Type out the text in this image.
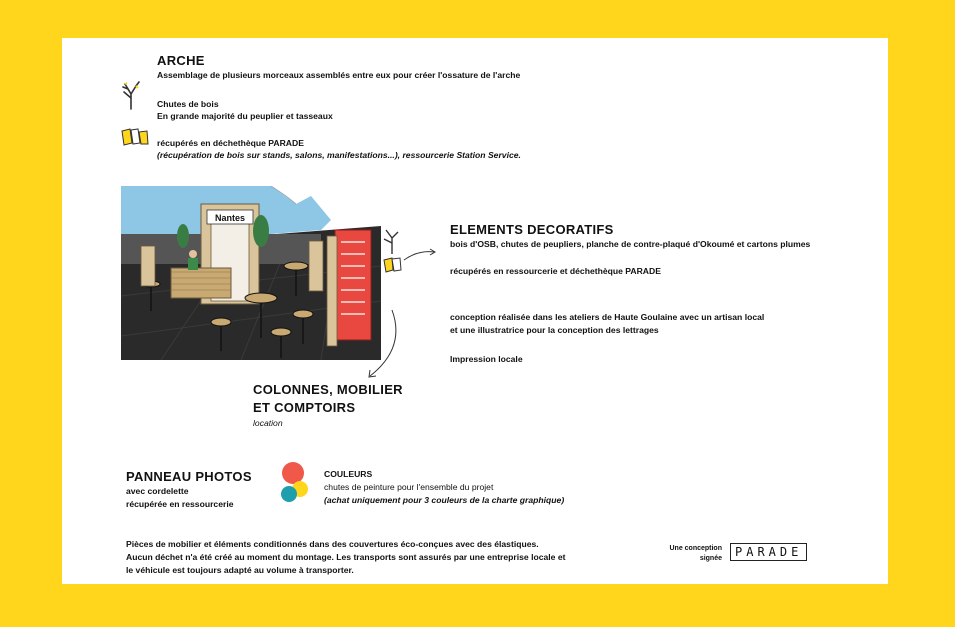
ARCHE
Assemblage de plusieurs morceaux assemblés entre eux pour créer l'ossature de l'arche
Chutes de bois
En grande majorité du peuplier et tasseaux
récupérés en déchethèque PARADE
(récupération de bois sur stands, salons, manifestations...), ressourcerie Station Service.
Nantes
ELEMENTS DECORATIFS
bois d'OSB, chutes de peupliers, planche de contre-plaqué d'Okoumé et cartons plumes
récupérés en ressourcerie et déchethèque PARADE
conception réalisée dans les ateliers de Haute Goulaine avec un artisan local
et une illustratrice pour la conception des lettrages
Impression locale
COLONNES, MOBILIER
ET COMPTOIRS
location
PANNEAU PHOTOS
avec cordelette
récupérée en ressourcerie
COULEURS
chutes de peinture pour l'ensemble du projet
(achat uniquement pour 3 couleurs de la charte graphique)
Pièces de mobilier et éléments conditionnés dans des couvertures éco-conçues avec des élastiques.
Aucun déchet n'a été créé au moment du montage. Les transports sont assurés par une entreprise locale et
le véhicule est toujours adapté au volume à transporter.
Une conception
signée	PARADE
